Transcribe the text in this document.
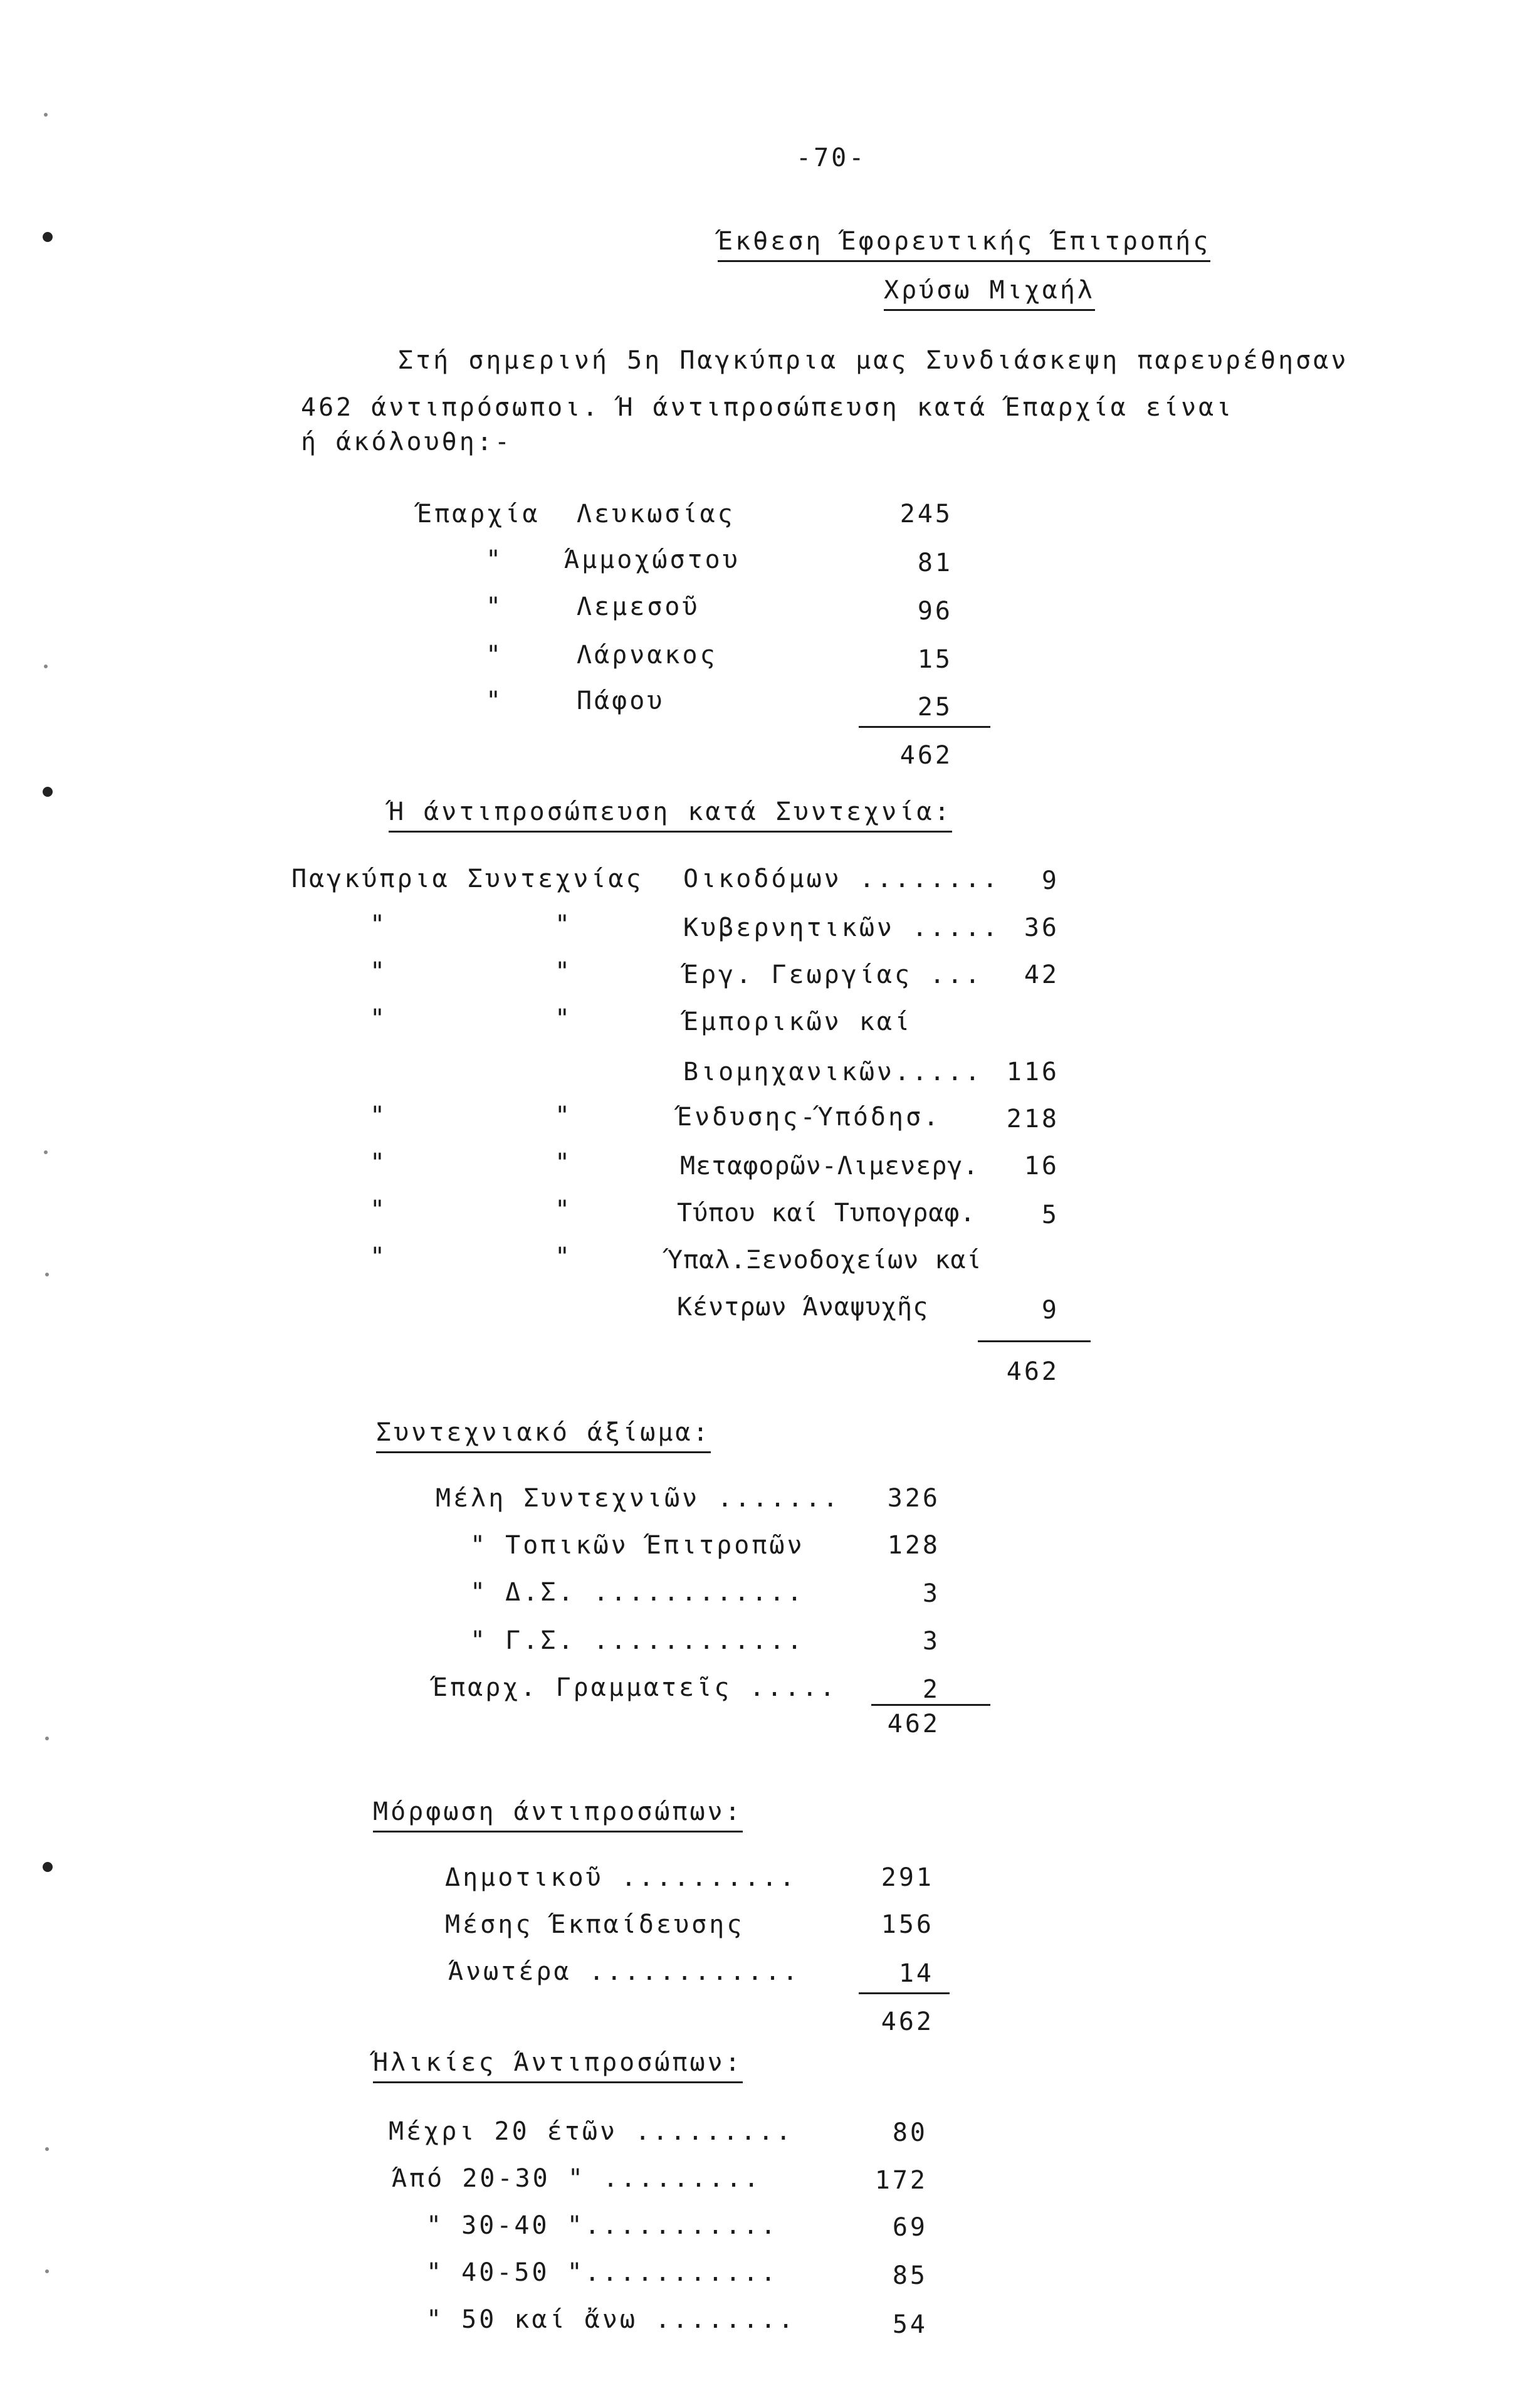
-70-
Έκθεση Έφορευτικής Έπιτροπής
Χρύσω Μιχαήλ
Στή σημερινή 5η Παγκύπρια μας Συνδιάσκεψη παρευρέθησαν
462 άντιπρόσωποι. Ή άντιπροσώπευση κατά Έπαρχία είναι
ή άκόλουθη:-
Έπαρχία Λευκωσίας	245
" Άμμοχώστου	81
"	Λεμεσοῦ	96
"	Λάρνακος	15
"	Πάφου	25
462
Ή άντιπροσώπευση κατά Συντεχνία:
Παγκύπρια Συντεχνίας Οικοδόμων ........	9
"	"	Κυβερνητικῶν ..... 36
"	"	Έργ. Γεωργίας ...	42
"	"	Έμπορικῶν καί
Βιομηχανικῶν..... 116
"	"	Ένδυσης-Ύπόδησ.	218
"	"	Μεταφορῶν-Λιμενεργ.	16
"	"	Τύπου καί Τυπογραφ.	5
"	"	Ύπαλ.Ξενοδοχείων καί
Κέντρων Άναψυχῆς	9
462
Συντεχνιακό άξίωμα:
Μέλη Συντεχνιῶν .......	326
" Τοπικῶν Έπιτροπῶν	128
" Δ.Σ. ............	3
" Γ.Σ. ............	3
Έπαρχ. Γραμματεῖς .....	2
462
Μόρφωση άντιπροσώπων:
Δημοτικοῦ ..........	291
Μέσης Έκπαίδευσης	156
Άνωτέρα ............	14
462
Ήλικίες Άντιπροσώπων:
Μέχρι 20 έτῶν .........	80
Άπό 20-30 " .........	172
" 30-40 "...........	69
" 40-50 "...........	85
" 50 καί ἄνω ........	54
